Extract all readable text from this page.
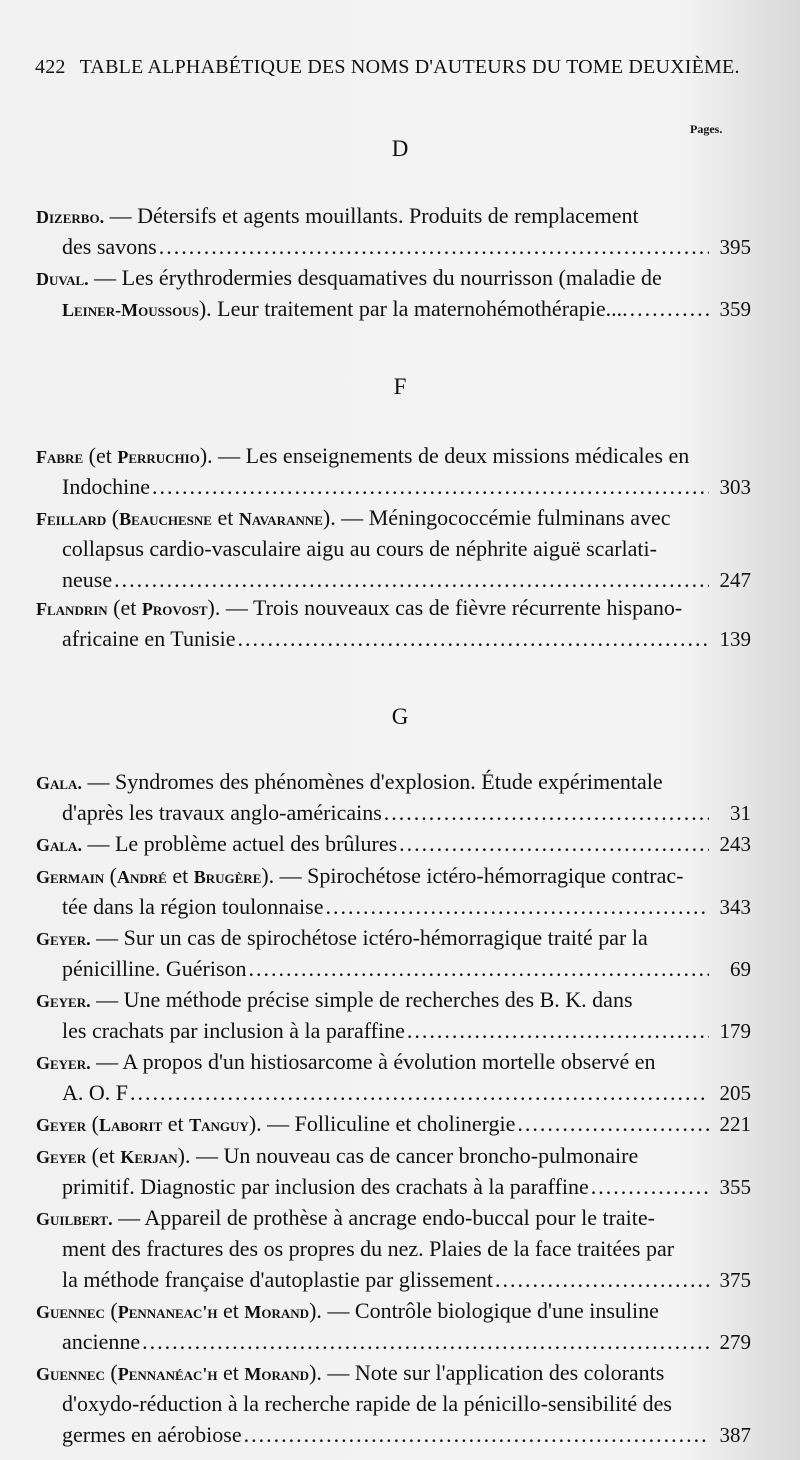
422 TABLE ALPHABÉTIQUE DES NOMS D'AUTEURS DU TOME DEUXIÈME.
Pages.
D
Dizerbo. — Détersifs et agents mouillants. Produits de remplacement
des savons .....	395
Duval. — Les érythrodermies desquamatives du nourrisson (maladie de
Leiner-Moussous). Leur traitement par la maternohémothérapie.... .....	359
F
Fabre (et Perruchio). — Les enseignements de deux missions médicales en
Indochine .....	303
Feillard (Beauchesne et Navaranne). — Méningococcémie fulminans avec
collapsus cardio-vasculaire aigu au cours de néphrite aiguë scarlati-
neuse .....	247
Flandrin (et Provost). — Trois nouveaux cas de fièvre récurrente hispano-
africaine en Tunisie .....	139
G
Gala. — Syndromes des phénomènes d'explosion. Étude expérimentale
d'après les travaux anglo-américains .....	31
Gala. — Le problème actuel des brûlures .....	243
Germain (André et Brugère). — Spirochétose ictéro-hémorragique contrac-
tée dans la région toulonnaise .....	343
Geyer. — Sur un cas de spirochétose ictéro-hémorragique traité par la
pénicilline. Guérison .....	69
Geyer. — Une méthode précise simple de recherches des B. K. dans
les crachats par inclusion à la paraffine .....	179
Geyer. — A propos d'un histiosarcome à évolution mortelle observé en
A. O. F .....	205
Geyer (Laborit et Tanguy). — Folliculine et cholinergie .....	221
Geyer (et Kerjan). — Un nouveau cas de cancer broncho-pulmonaire
primitif. Diagnostic par inclusion des crachats à la paraffine .....	355
Guilbert. — Appareil de prothèse à ancrage endo-buccal pour le traite-
ment des fractures des os propres du nez. Plaies de la face traitées par
la méthode française d'autoplastie par glissement .....	375
Guennec (Pennaneac'h et Morand). — Contrôle biologique d'une insuline
ancienne .....	279
Guennec (Pennanéac'h et Morand). — Note sur l'application des colorants
d'oxydo-réduction à la recherche rapide de la pénicillo-sensibilité des
germes en aérobiose .....	387
